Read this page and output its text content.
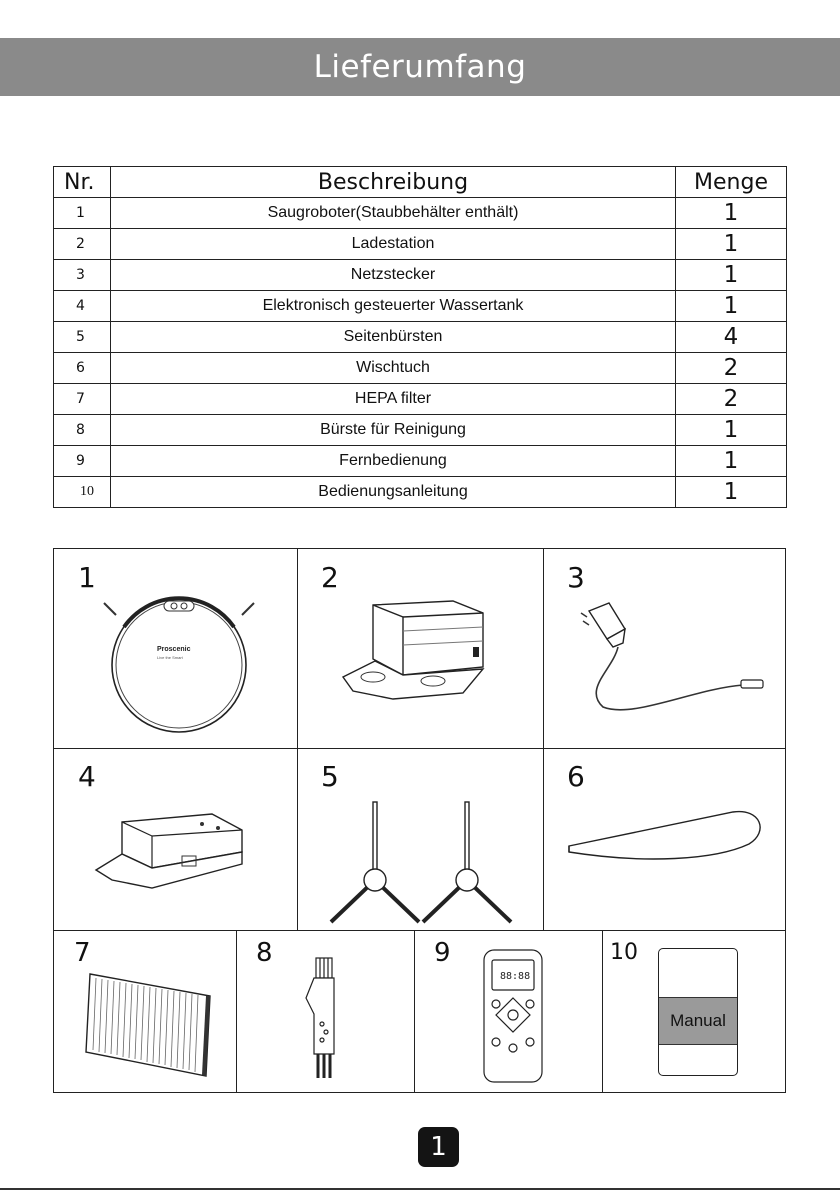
Lieferumfang
Nr.	Beschreibung	Menge
1	Saugroboter(Staubbehälter enthält)	1
2	Ladestation	1
3	Netzstecker	1
4	Elektronisch gesteuerter Wassertank	1
5	Seitenbürsten	4
6	Wischtuch	2
7	HEPA filter	2
8	Bürste für Reinigung	1
9	Fernbedienung	1
10	Bedienungsanleitung	1
1
Proscenic
Live the Smart
2	3
4	5	6
7	8	9
88:88
10
Manual
1
